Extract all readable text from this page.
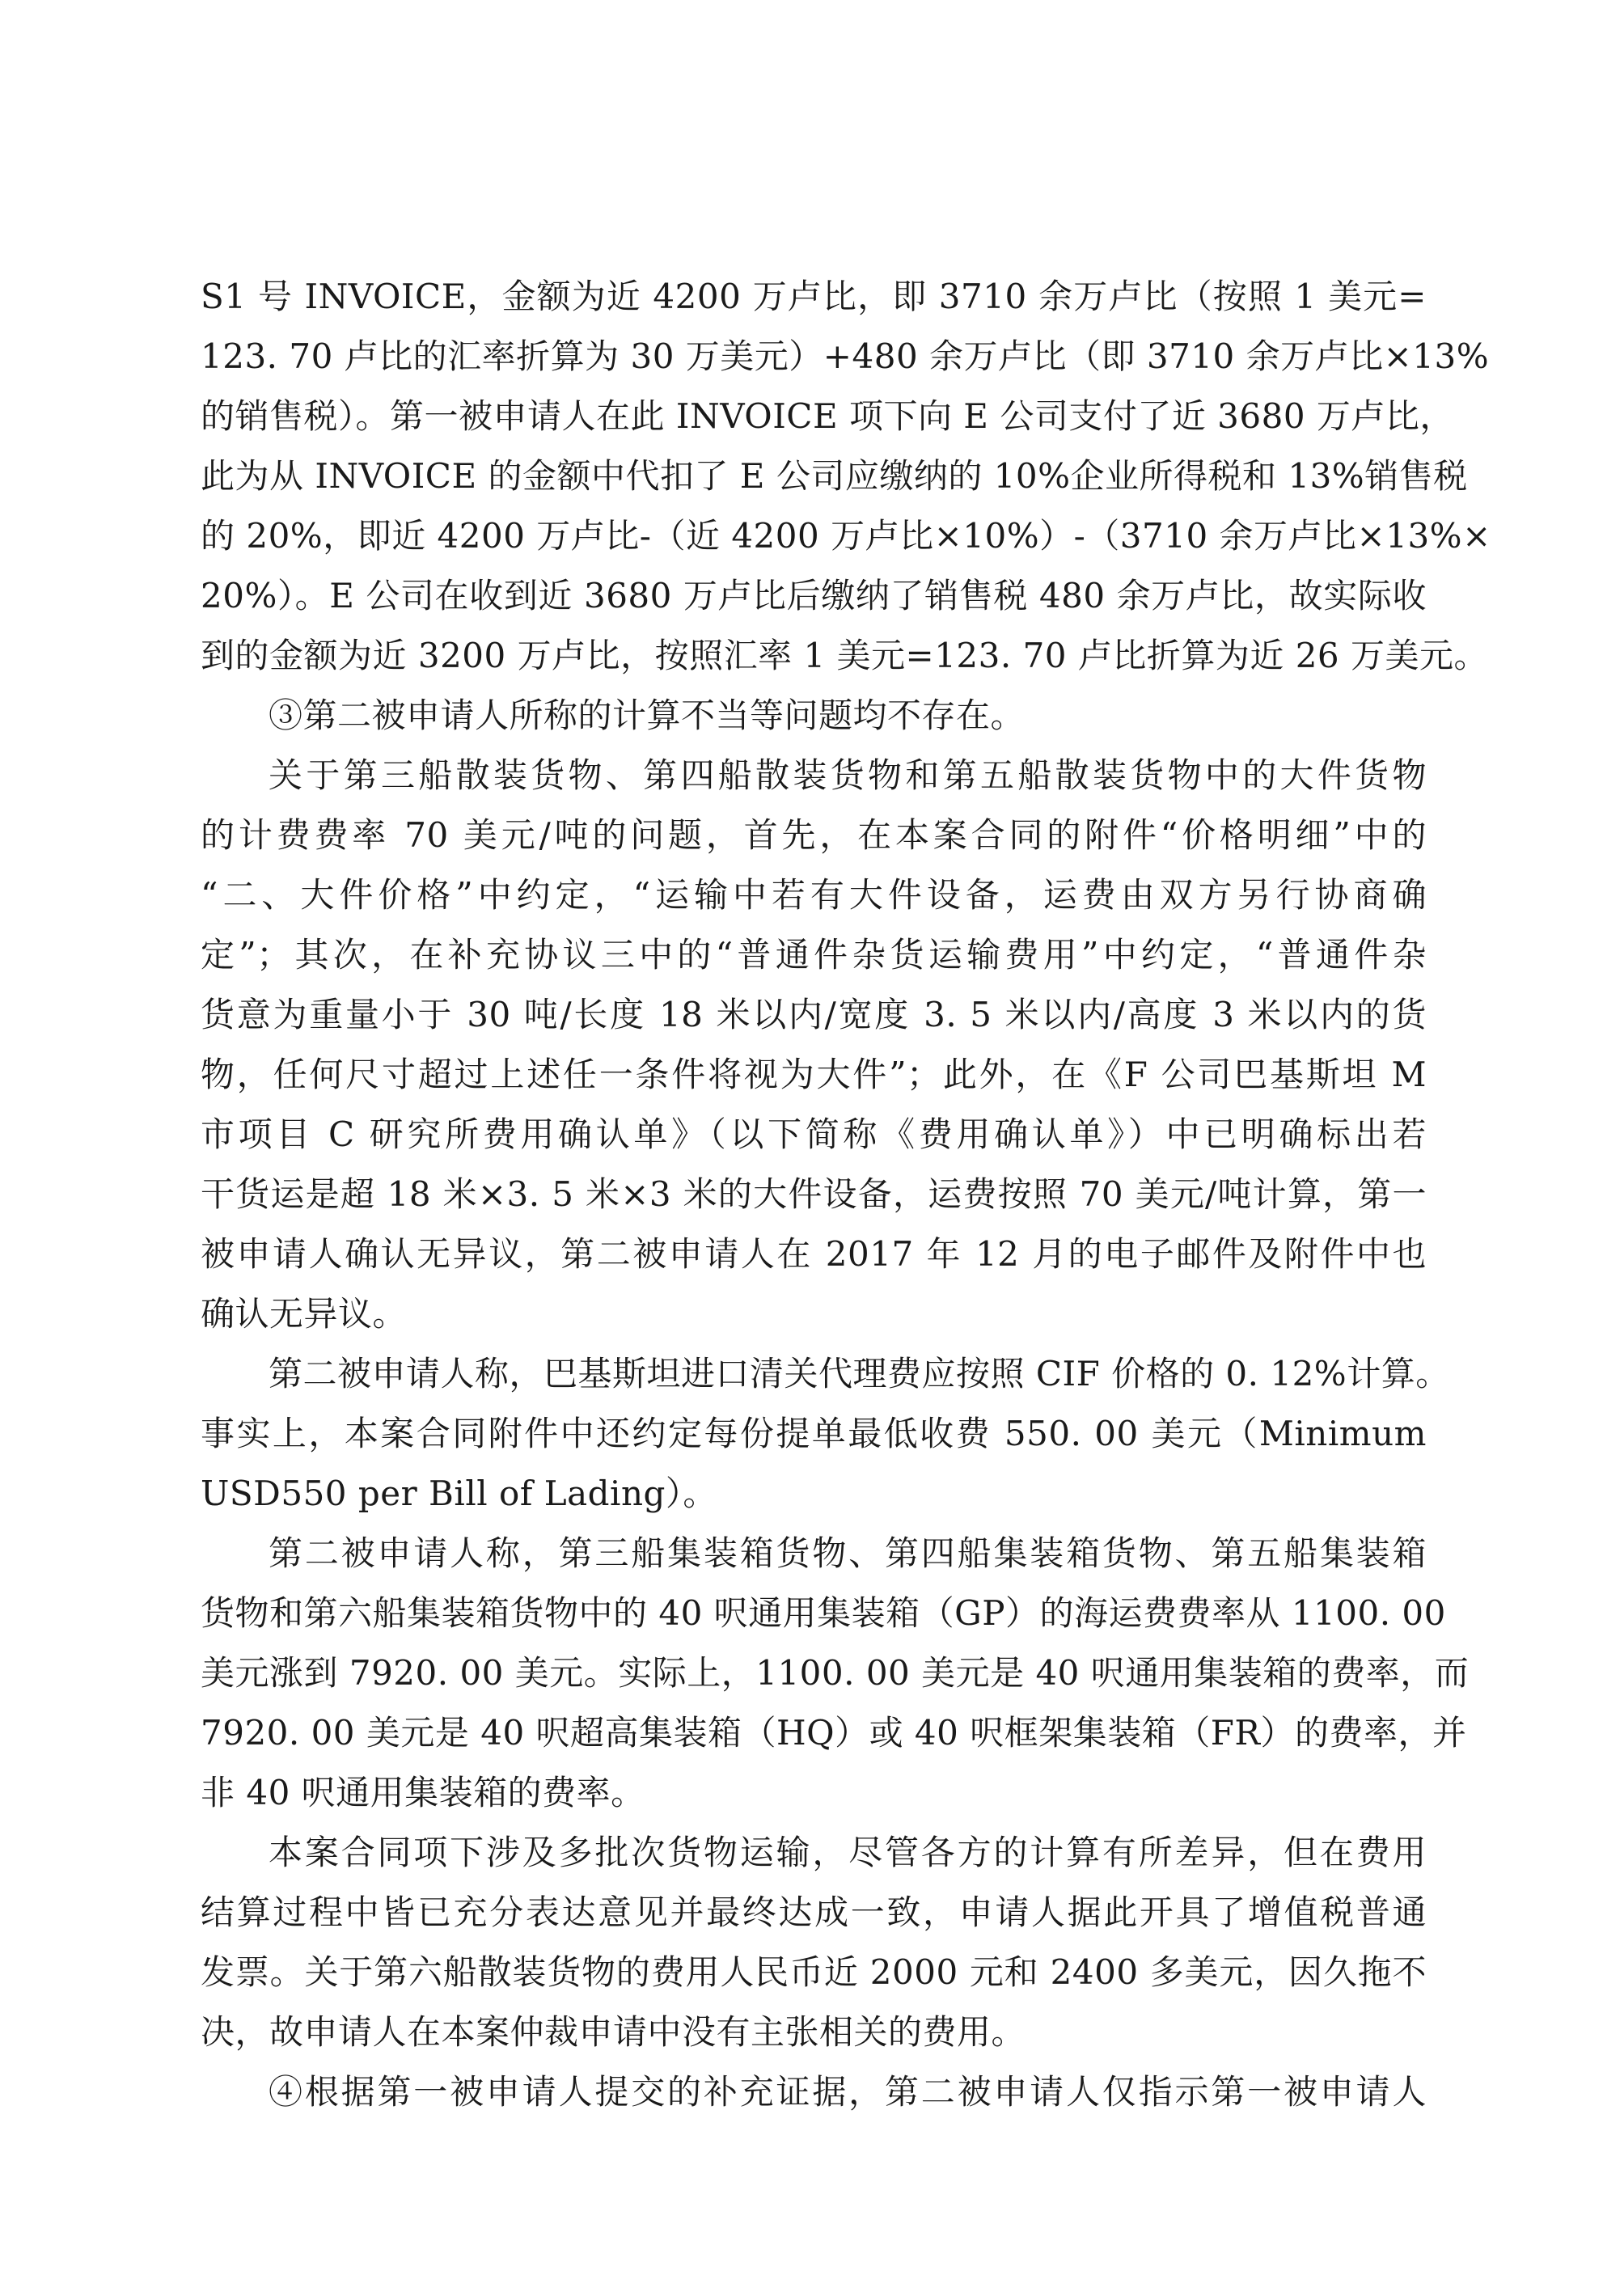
S1 号 INVOICE，金额为近 4200 万卢比，即 3710 余万卢比（按照 1 美元=
123. 70 卢比的汇率折算为 30 万美元）+480 余万卢比（即 3710 余万卢比×13%
的销售税）。第一被申请人在此 INVOICE 项下向 E 公司支付了近 3680 万卢比，
此为从 INVOICE 的金额中代扣了 E 公司应缴纳的 10%企业所得税和 13%销售税
的 20%，即近 4200 万卢比-（近 4200 万卢比×10%）-（3710 余万卢比×13%×
20%）。E 公司在收到近 3680 万卢比后缴纳了销售税 480 余万卢比，故实际收
到的金额为近 3200 万卢比，按照汇率 1 美元=123. 70 卢比折算为近 26 万美元。
③第二被申请人所称的计算不当等问题均不存在。
关于第三船散装货物、第四船散装货物和第五船散装货物中的大件货物
的计费费率 70 美元/吨的问题，首先，在本案合同的附件“价格明细”中的
“二、大件价格”中约定，“运输中若有大件设备，运费由双方另行协商确
定”；其次，在补充协议三中的“普通件杂货运输费用”中约定，“普通件杂
货意为重量小于 30 吨/长度 18 米以内/宽度 3. 5 米以内/高度 3 米以内的货
物，任何尺寸超过上述任一条件将视为大件”；此外，在《F 公司巴基斯坦 M
市项目 C 研究所费用确认单》（以下简称《费用确认单》）中已明确标出若
干货运是超 18 米×3. 5 米×3 米的大件设备，运费按照 70 美元/吨计算，第一
被申请人确认无异议，第二被申请人在 2017 年 12 月的电子邮件及附件中也
确认无异议。
第二被申请人称，巴基斯坦进口清关代理费应按照 CIF 价格的 0. 12%计算。
事实上，本案合同附件中还约定每份提单最低收费 550. 00 美元（Minimum
USD550 per Bill of Lading）。
第二被申请人称，第三船集装箱货物、第四船集装箱货物、第五船集装箱
货物和第六船集装箱货物中的 40 呎通用集装箱（GP）的海运费费率从 1100. 00
美元涨到 7920. 00 美元。实际上，1100. 00 美元是 40 呎通用集装箱的费率，而
7920. 00 美元是 40 呎超高集装箱（HQ）或 40 呎框架集装箱（FR）的费率，并
非 40 呎通用集装箱的费率。
本案合同项下涉及多批次货物运输，尽管各方的计算有所差异，但在费用
结算过程中皆已充分表达意见并最终达成一致，申请人据此开具了增值税普通
发票。关于第六船散装货物的费用人民币近 2000 元和 2400 多美元，因久拖不
决，故申请人在本案仲裁申请中没有主张相关的费用。
④根据第一被申请人提交的补充证据，第二被申请人仅指示第一被申请人
